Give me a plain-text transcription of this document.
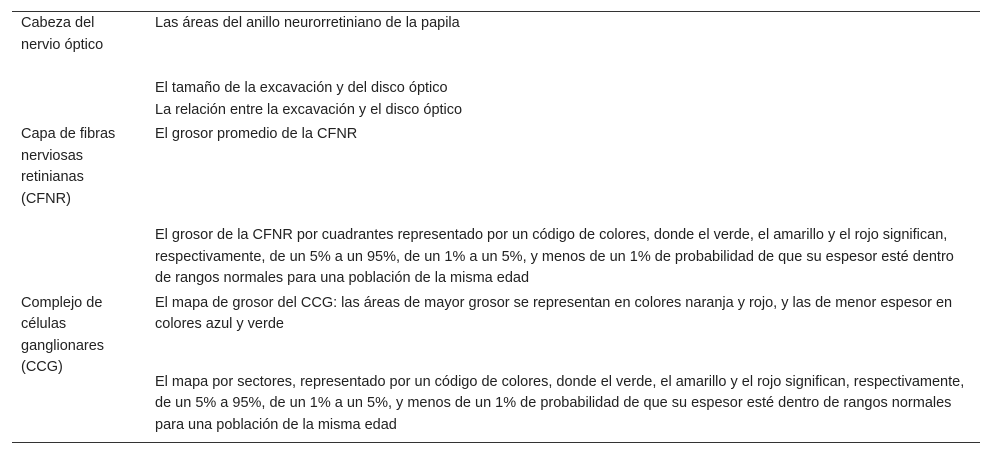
Cabeza del nervio óptico	Las áreas del anillo neurorretiniano de la papila
	El tamaño de la excavación y del disco óptico
	La relación entre la excavación y el disco óptico

Capa de fibras nerviosas retinianas (CFNR)	El grosor promedio de la CFNR
	El grosor de la CFNR por cuadrantes representado por un código de colores, donde el verde, el amarillo y el rojo significan, respectivamente, de un 5% a un 95%, de un 1% a un 5%, y menos de un 1% de probabilidad de que su espesor esté dentro de rangos normales para una población de la misma edad

Complejo de células ganglionares (CCG)	El mapa de grosor del CCG: las áreas de mayor grosor se representan en colores naranja y rojo, y las de menor espesor en colores azul y verde
	El mapa por sectores, representado por un código de colores, donde el verde, el amarillo y el rojo significan, respectivamente, de un 5% a 95%, de un 1% a un 5%, y menos de un 1% de probabilidad de que su espesor esté dentro de rangos normales para una población de la misma edad
